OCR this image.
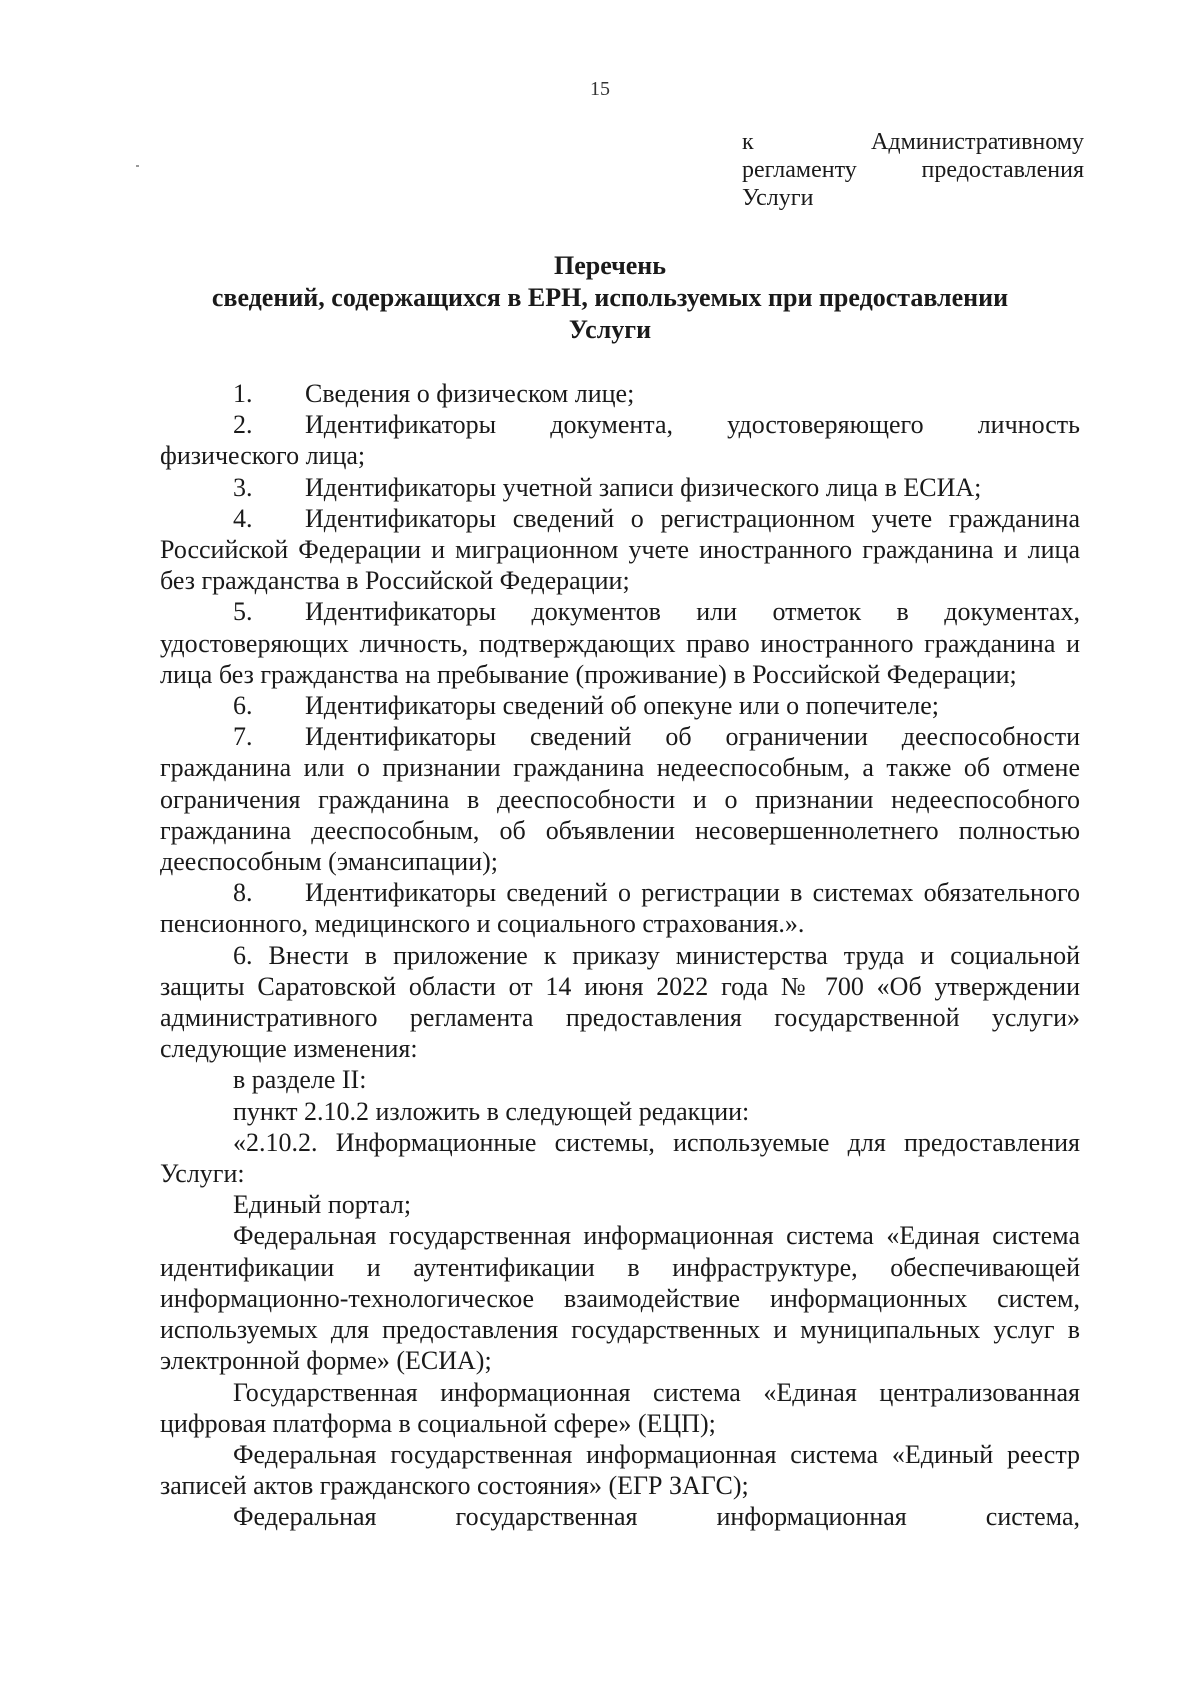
15
к Административному
регламенту предоставления
Услуги
Перечень
сведений, содержащихся в ЕРН, используемых при предоставлении
Услуги

1. Сведения о физическом лице;

2. Идентификаторы документа, удостоверяющего личность физического лица;

3. Идентификаторы учетной записи физического лица в ЕСИА;

4. Идентификаторы сведений о регистрационном учете гражданина Российской Федерации и миграционном учете иностранного гражданина и лица без гражданства в Российской Федерации;

5. Идентификаторы документов или отметок в документах, удостоверяющих личность, подтверждающих право иностранного гражданина и лица без гражданства на пребывание (проживание) в Российской Федерации;

6. Идентификаторы сведений об опекуне или о попечителе;

7. Идентификаторы сведений об ограничении дееспособности гражданина или о признании гражданина недееспособным, а также об отмене ограничения гражданина в дееспособности и о признании недееспособного гражданина дееспособным, об объявлении несовершеннолетнего полностью дееспособным (эмансипации);

8. Идентификаторы сведений о регистрации в системах обязательного пенсионного, медицинского и социального страхования.».

6. Внести в приложение к приказу министерства труда и социальной защиты Саратовской области от 14 июня 2022 года № 700 «Об утверждении административного регламента предоставления государственной услуги» следующие изменения:

в разделе II:

пункт 2.10.2 изложить в следующей редакции:

«2.10.2. Информационные системы, используемые для предоставления Услуги:

Единый портал;

Федеральная государственная информационная система «Единая система идентификации и аутентификации в инфраструктуре, обеспечивающей информационно-технологическое взаимодействие информационных систем, используемых для предоставления государственных и муниципальных услуг в электронной форме» (ЕСИА);

Государственная информационная система «Единая централизованная цифровая платформа в социальной сфере» (ЕЦП);

Федеральная государственная информационная система «Единый реестр записей актов гражданского состояния» (ЕГР ЗАГС);

Федеральная государственная информационная система,
